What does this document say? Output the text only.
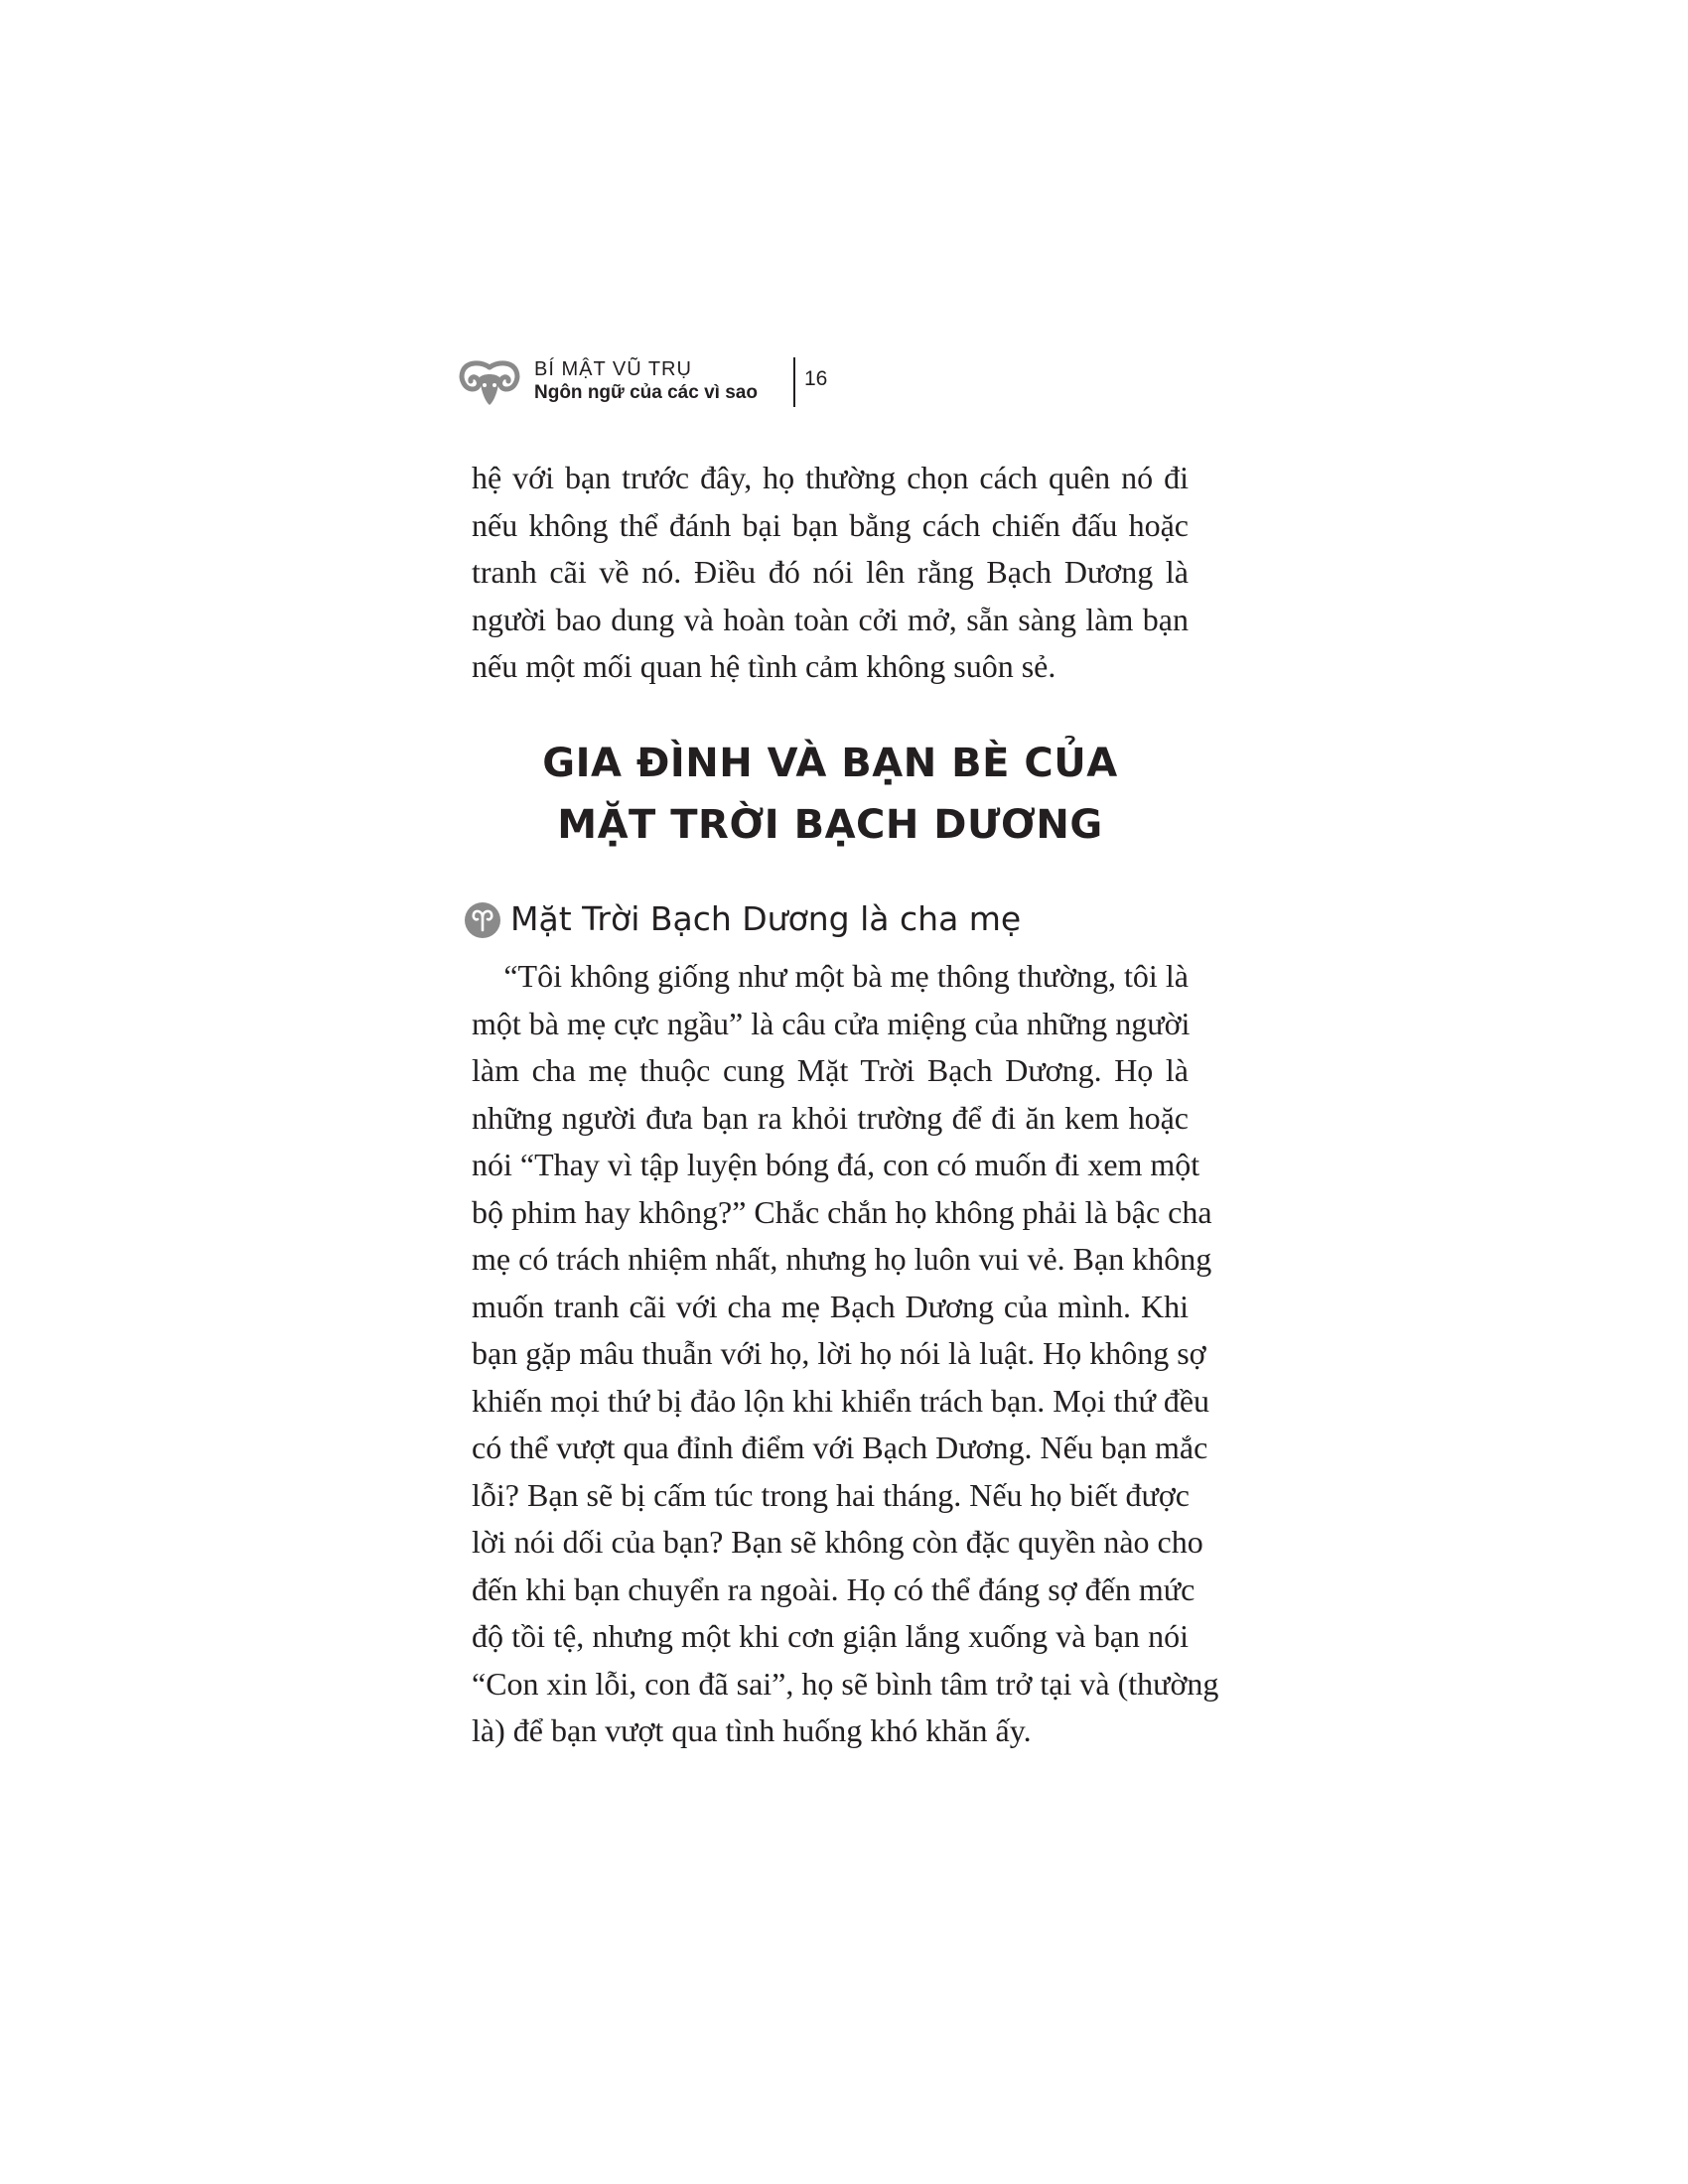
BÍ MẬT VŨ TRỤ
Ngôn ngữ của các vì sao
16
hệ với bạn trước đây, họ thường chọn cách quên nó đi
nếu không thể đánh bại bạn bằng cách chiến đấu hoặc
tranh cãi về nó. Điều đó nói lên rằng Bạch Dương là
người bao dung và hoàn toàn cởi mở, sẵn sàng làm bạn
nếu một mối quan hệ tình cảm không suôn sẻ.
GIA ĐÌNH VÀ BẠN BÈ CỦA
MẶT TRỜI BẠCH DƯƠNG
Mặt Trời Bạch Dương là cha mẹ
“Tôi không giống như một bà mẹ thông thường, tôi là
một bà mẹ cực ngầu” là câu cửa miệng của những người
làm cha mẹ thuộc cung Mặt Trời Bạch Dương. Họ là
những người đưa bạn ra khỏi trường để đi ăn kem hoặc
nói “Thay vì tập luyện bóng đá, con có muốn đi xem một
bộ phim hay không?” Chắc chắn họ không phải là bậc cha
mẹ có trách nhiệm nhất, nhưng họ luôn vui vẻ. Bạn không
muốn tranh cãi với cha mẹ Bạch Dương của mình. Khi
bạn gặp mâu thuẫn với họ, lời họ nói là luật. Họ không sợ
khiến mọi thứ bị đảo lộn khi khiển trách bạn. Mọi thứ đều
có thể vượt qua đỉnh điểm với Bạch Dương. Nếu bạn mắc
lỗi? Bạn sẽ bị cấm túc trong hai tháng. Nếu họ biết được
lời nói dối của bạn? Bạn sẽ không còn đặc quyền nào cho
đến khi bạn chuyển ra ngoài. Họ có thể đáng sợ đến mức
độ tồi tệ, nhưng một khi cơn giận lắng xuống và bạn nói
“Con xin lỗi, con đã sai”, họ sẽ bình tâm trở tại và (thường
là) để bạn vượt qua tình huống khó khăn ấy.
